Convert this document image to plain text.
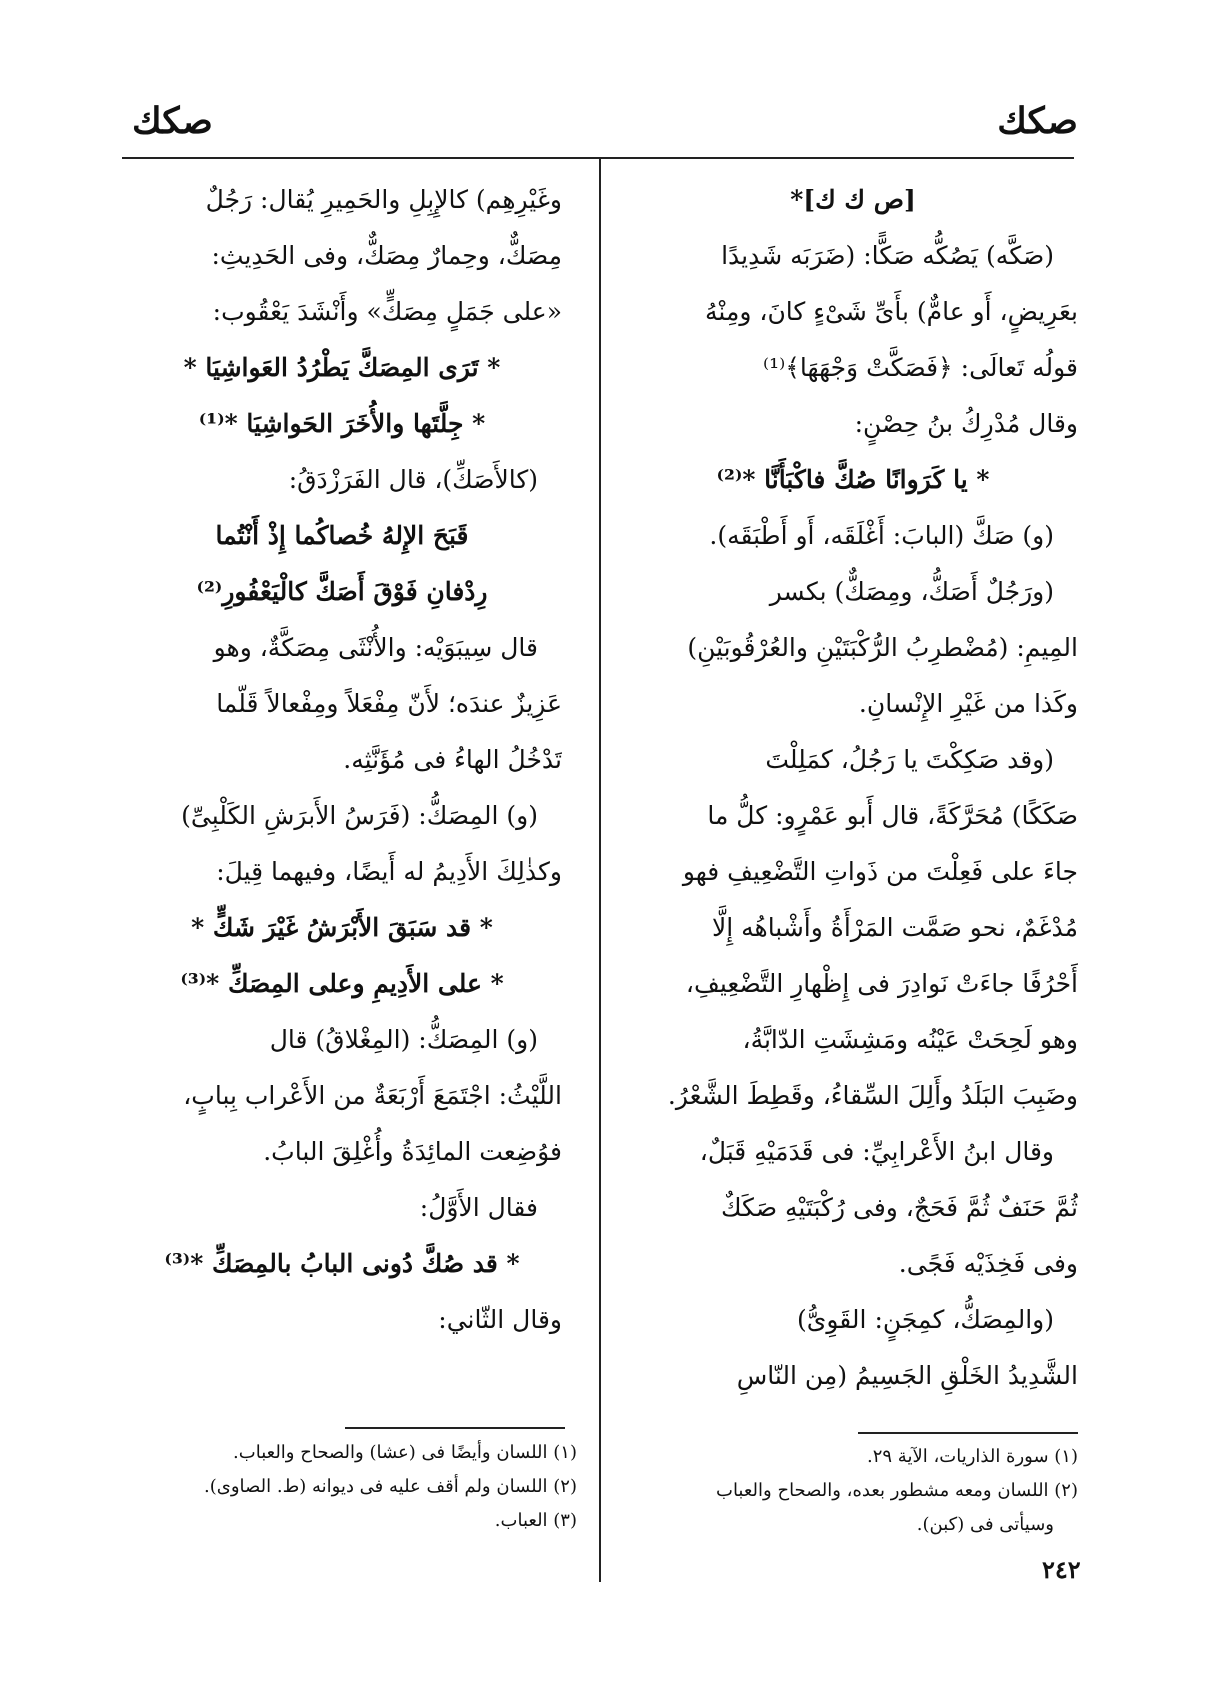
صكك
صكك

[ص ك ك]*

(صَكَّه) يَصُكُّه صَكًّا: (ضَرَبَه شَدِيدًا

بعَرِيضٍ، أَو عامٌّ) بأَىِّ شَىْءٍ كانَ، ومِنْهُ

قولُه تَعالَى: ﴿فَصَكَّتْ وَجْهَهَا﴾⁽¹⁾

وقال مُدْرِكُ بنُ حِصْنٍ:

* يا كَرَوانًا صُكَّ فاكْبَأَنَّا *⁽²⁾

(و) صَكَّ (البابَ: أَغْلَقَه، أَو أَطْبَقَه).

(ورَجُلٌ أَصَكُّ، ومِصَكٌّ) بكسر

المِيمِ: (مُضْطرِبُ الرُّكْبَتَيْنِ والعُرْقُوبَيْنِ)

وكَذا من غَيْرِ الإِنْسانِ.

(وقد صَكِكْتَ يا رَجُلُ، كمَلِلْتَ

صَكَكًا) مُحَرَّكَةً، قال أَبو عَمْرٍو: كلُّ ما

جاءَ على فَعِلْتَ من ذَواتِ التَّضْعِيفِ فهو

مُدْغَمٌ، نحو صَمَّت المَرْأَةُ وأَشْباهُه إِلَّا

أَحْرُفًا جاءَتْ نَوادِرَ فى إِظْهارِ التَّضْعِيفِ،

وهو لَحِحَتْ عَيْنُه ومَشِشَتِ الدّابَّةُ،

وضَبِبَ البَلَدُ وأَلِلَ السِّقاءُ، وقَطِطَ الشَّعْرُ.

وقال ابنُ الأَعْرابِيِّ: فى قَدَمَيْهِ قَبَلٌ،

ثُمَّ حَنَفٌ ثُمَّ فَحَجٌ، وفى رُكْبَتَيْهِ صَكَكٌ

وفى فَخِذَيْه فَجًى.

(والمِصَكُّ، كمِجَنٍ: القَوِىُّ)

الشَّدِيدُ الخَلْقِ الجَسِيمُ (مِن النّاسِ

وغَيْرِهِم) كالإِبِلِ والحَمِيرِ يُقال: رَجُلٌ

مِصَكٌّ، وحِمارٌ مِصَكٌّ، وفى الحَدِيثِ:

«على جَمَلٍ مِصَكٍّ» وأَنْشَدَ يَعْقُوب:

* تَرَى المِصَكَّ يَطْرُدُ العَواشِيَا *

* جِلَّتَها والأُخَرَ الحَواشِيَا *⁽¹⁾

(كالأَصَكِّ)، قال الفَرَزْدَقُ:

قَبَحَ الإِلهُ خُصاكُما إِذْ أَنْتُما

رِدْفانِ فَوْقَ أَصَكَّ كالْيَعْفُورِ⁽²⁾

قال سِيبَوَيْه: والأُنْثَى مِصَكَّةٌ، وهو

عَزِيزٌ عندَه؛ لأَنّ مِفْعَلاً ومِفْعالاً قَلّما

تَدْخُلُ الهاءُ فى مُؤَنَّثِه.

(و) المِصَكُّ: (فَرَسُ الأَبرَشِ الكَلْبِىِّ)

وكذٰلِكَ الأَدِيمُ له أَيضًا، وفيهما قِيلَ:

* قد سَبَقَ الأَبْرَشُ غَيْرَ شَكٍّ *

* على الأَدِيمِ وعلى المِصَكِّ *⁽³⁾

(و) المِصَكُّ: (المِغْلاقُ) قال

اللَّيْثُ: اجْتَمَعَ أَرْبَعَةٌ من الأَعْراب بِبابٍ،

فوُضِعت المائِدَةُ وأُغْلِقَ البابُ.

فقال الأَوَّلُ:

* قد صُكَّ دُونى البابُ بالمِصَكِّ *⁽³⁾

وقال الثّاني:

(١) سورة الذاريات، الآية ٢٩.

(٢) اللسان ومعه مشطور بعده، والصحاح والعباب

وسيأتى فى (كبن).

(١) اللسان وأيضًا فى (عشا) والصحاح والعباب.

(٢) اللسان ولم أقف عليه فى ديوانه (ط. الصاوى).

(٣) العباب.

٢٤٢
